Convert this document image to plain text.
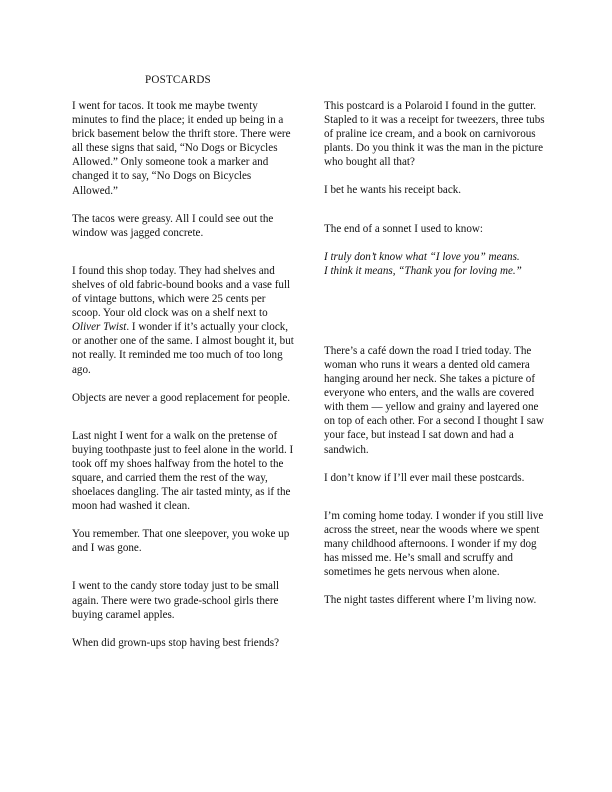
POSTCARDS

I went for tacos. It took me maybe twenty minutes to find the place; it ended up being in a brick basement below the thrift store. There were all these signs that said, “No Dogs or Bicycles Allowed.” Only someone took a marker and changed it to say, “No Dogs on Bicycles Allowed.”

The tacos were greasy. All I could see out the window was jagged concrete.

I found this shop today. They had shelves and shelves of old fabric-bound books and a vase full of vintage buttons, which were 25 cents per scoop. Your old clock was on a shelf next to Oliver Twist. I wonder if it’s actually your clock, or another one of the same. I almost bought it, but not really. It reminded me too much of too long ago.

Objects are never a good replacement for people.

Last night I went for a walk on the pretense of buying toothpaste just to feel alone in the world. I took off my shoes halfway from the hotel to the square, and carried them the rest of the way, shoelaces dangling. The air tasted minty, as if the moon had washed it clean.

You remember. That one sleepover, you woke up and I was gone.

I went to the candy store today just to be small again. There were two grade-school girls there buying caramel apples.

When did grown-ups stop having best friends?

This postcard is a Polaroid I found in the gutter. Stapled to it was a receipt for tweezers, three tubs of praline ice cream, and a book on carnivorous plants. Do you think it was the man in the picture who bought all that?

I bet he wants his receipt back.

The end of a sonnet I used to know:

I truly don’t know what “I love you” means.
I think it means, “Thank you for loving me.”

There’s a café down the road I tried today. The woman who runs it wears a dented old camera hanging around her neck. She takes a picture of everyone who enters, and the walls are covered with them — yellow and grainy and layered one on top of each other. For a second I thought I saw your face, but instead I sat down and had a sandwich.

I don’t know if I’ll ever mail these postcards.

I’m coming home today. I wonder if you still live across the street, near the woods where we spent many childhood afternoons. I wonder if my dog has missed me. He’s small and scruffy and sometimes he gets nervous when alone.

The night tastes different where I’m living now.
